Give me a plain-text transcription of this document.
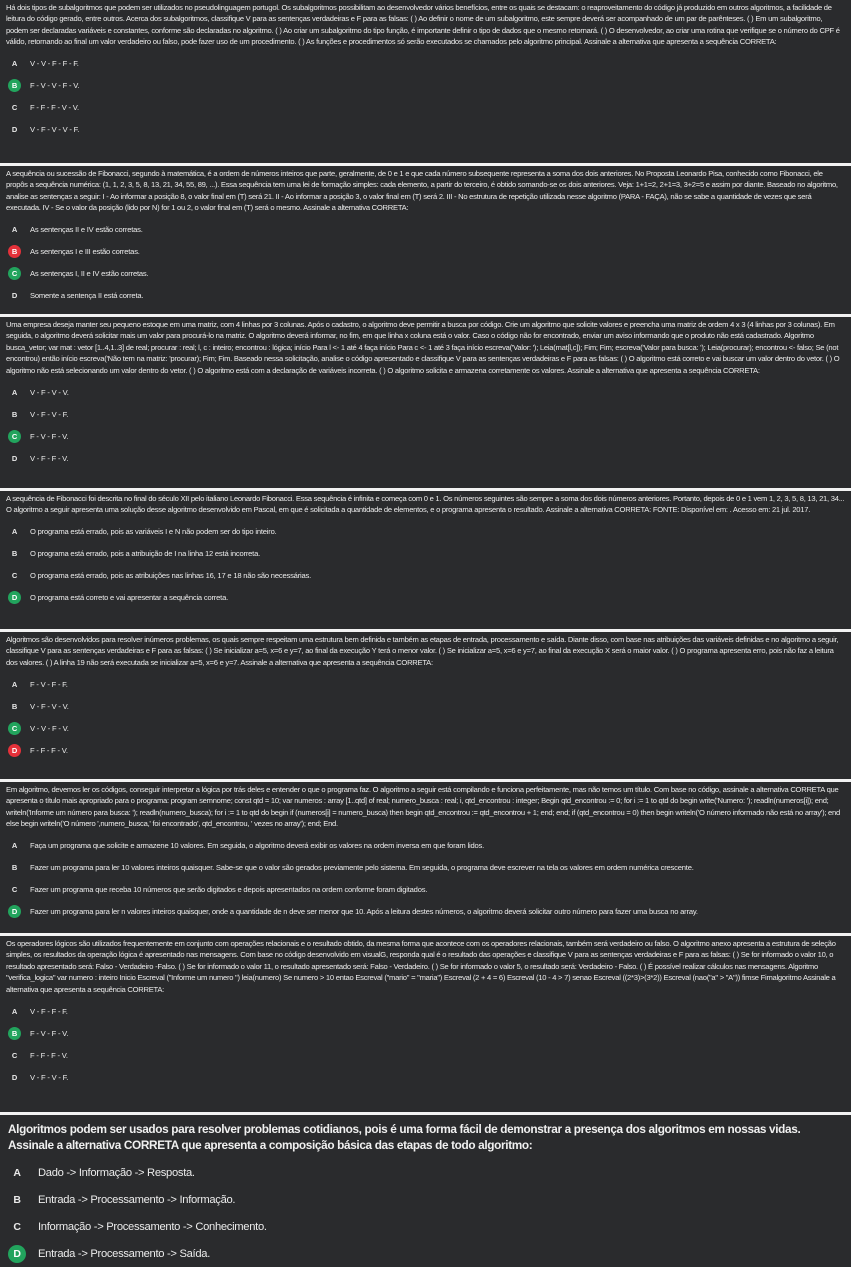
Há dois tipos de subalgoritmos que podem ser utilizados no pseudolinguagem portugol. Os subalgoritmos possibilitam ao desenvolvedor vários benefícios, entre os quais se destacam: o reaproveitamento do código já produzido em outros algoritmos, a facilidade de leitura do código gerado, entre outros. Acerca dos subalgoritmos, classifique V para as sentenças verdadeiras e F para as falsas: ( ) Ao definir o nome de um subalgoritmo, este sempre deverá ser acompanhado de um par de parênteses. ( ) Em um subalgoritmo, podem ser declaradas variáveis e constantes, conforme são declaradas no algoritmo. ( ) Ao criar um subalgoritmo do tipo função, é importante definir o tipo de dados que o mesmo retornará. ( ) O desenvolvedor, ao criar uma rotina que verifique se o número do CPF é válido, retornando ao final um valor verdadeiro ou falso, pode fazer uso de um procedimento. ( ) As funções e procedimentos só serão executados se chamados pelo algoritmo principal. Assinale a alternativa que apresenta a sequência CORRETA:

A	V - V - F - F - F.
B	F - V - V - F - V.
C	F - F - F - V - V.
D	V - F - V - V - F.

A sequência ou sucessão de Fibonacci, segundo à matemática, é a ordem de números inteiros que parte, geralmente, de 0 e 1 e que cada número subsequente representa a soma dos dois anteriores. No Proposta Leonardo Pisa, conhecido como Fibonacci, ele propôs a sequência numérica: (1, 1, 2, 3, 5, 8, 13, 21, 34, 55, 89, ...). Essa sequência tem uma lei de formação simples: cada elemento, a partir do terceiro, é obtido somando-se os dois anteriores. Veja: 1+1=2, 2+1=3, 3+2=5 e assim por diante. Baseado no algoritmo, analise as sentenças a seguir: I - Ao informar a posição 8, o valor final em (T) será 21. II - Ao informar a posição 3, o valor final em (T) será 2. III - No estrutura de repetição utilizada nesse algoritmo (PARA - FAÇA), não se sabe a quantidade de vezes que será executada. IV - Se o valor da posição (lido por N) for 1 ou 2, o valor final em (T) será o mesmo. Assinale a alternativa CORRETA:

A	As sentenças II e IV estão corretas.
B	As sentenças I e III estão corretas.
C	As sentenças I, II e IV estão corretas.
D	Somente a sentença II está correta.

Uma empresa deseja manter seu pequeno estoque em uma matriz, com 4 linhas por 3 colunas. Após o cadastro, o algoritmo deve permitir a busca por código. Crie um algoritmo que solicite valores e preencha uma matriz de ordem 4 x 3 (4 linhas por 3 colunas). Em seguida, o algoritmo deverá solicitar mais um valor para procurá-lo na matriz. O algoritmo deverá informar, no fim, em que linha x coluna está o valor. Caso o código não for encontrado, enviar um aviso informando que o produto não está cadastrado. Algoritmo busca_vetor; var mat : vetor [1..4,1..3] de real; procurar : real; l, c : inteiro; encontrou : lógica; início Para l <- 1 até 4 faça início Para c <- 1 até 3 faça início escreva('Valor: '); Leia(mat[l,c]); Fim; Fim; escreva('Valor para busca: '); Leia(procurar); encontrou <- falso; Se (not encontrou) então início escreva('Não tem na matriz: 'procurar); Fim; Fim. Baseado nessa solicitação, analise o código apresentado e classifique V para as sentenças verdadeiras e F para as falsas: ( ) O algoritmo está correto e vai buscar um valor dentro do vetor. ( ) O algoritmo não está selecionando um valor dentro do vetor. ( ) O algoritmo está com a declaração de variáveis incorreta. ( ) O algoritmo solicita e armazena corretamente os valores. Assinale a alternativa que apresenta a sequência CORRETA:

A	V - F - V - V.
B	V - F - V - F.
C	F - V - F - V.
D	V - F - F - V.

A sequência de Fibonacci foi descrita no final do século XII pelo italiano Leonardo Fibonacci. Essa sequência é infinita e começa com 0 e 1. Os números seguintes são sempre a soma dos dois números anteriores. Portanto, depois de 0 e 1 vem 1, 2, 3, 5, 8, 13, 21, 34... O algoritmo a seguir apresenta uma solução desse algoritmo desenvolvido em Pascal, em que é solicitada a quantidade de elementos, e o programa apresenta o resultado. Assinale a alternativa CORRETA: FONTE: Disponível em: . Acesso em: 21 jul. 2017.

A	O programa está errado, pois as variáveis I e N não podem ser do tipo inteiro.
B	O programa está errado, pois a atribuição de I na linha 12 está incorreta.
C	O programa está errado, pois as atribuições nas linhas 16, 17 e 18 não são necessárias.
D	O programa está correto e vai apresentar a sequência correta.

Algoritmos são desenvolvidos para resolver inúmeros problemas, os quais sempre respeitam uma estrutura bem definida e também as etapas de entrada, processamento e saída. Diante disso, com base nas atribuições das variáveis definidas e no algoritmo a seguir, classifique V para as sentenças verdadeiras e F para as falsas: ( ) Se inicializar a=5, x=6 e y=7, ao final da execução Y terá o menor valor. ( ) Se inicializar a=5, x=6 e y=7, ao final da execução X será o maior valor. ( ) O programa apresenta erro, pois não faz a leitura dos valores. ( ) A linha 19 não será executada se inicializar a=5, x=6 e y=7. Assinale a alternativa que apresenta a sequência CORRETA:

A	F - V - F - F.
B	V - F - V - V.
C	V - V - F - V.
D	F - F - F - V.

Em algoritmo, devemos ler os códigos, conseguir interpretar a lógica por trás deles e entender o que o programa faz. O algoritmo a seguir está compilando e funciona perfeitamente, mas não temos um título. Com base no código, assinale a alternativa CORRETA que apresenta o título mais apropriado para o programa: program semnome; const qtd = 10; var numeros : array [1..qtd] of real; numero_busca : real; i, qtd_encontrou : integer; Begin qtd_encontrou := 0; for i := 1 to qtd do begin write('Numero: '); readln(numeros[i]); end; writeln('Informe um número para busca: '); readln(numero_busca); for i := 1 to qtd do begin if (numeros[i] = numero_busca) then begin qtd_encontrou := qtd_encontrou + 1; end; end; if (qtd_encontrou = 0) then begin writeln('O número informado não está no array'); end else begin writeln('O número ',numero_busca,' foi encontrado', qtd_encontrou, ' vezes no array'); end; End.

A	Faça um programa que solicite e armazene 10 valores. Em seguida, o algoritmo deverá exibir os valores na ordem inversa em que foram lidos.
B	Fazer um programa para ler 10 valores inteiros quaisquer. Sabe-se que o valor são gerados previamente pelo sistema. Em seguida, o programa deve escrever na tela os valores em ordem numérica crescente.
C	Fazer um programa que receba 10 números que serão digitados e depois apresentados na ordem conforme foram digitados.
D	Fazer um programa para ler n valores inteiros quaisquer, onde a quantidade de n deve ser menor que 10. Após a leitura destes números, o algoritmo deverá solicitar outro número para fazer uma busca no array.

Os operadores lógicos são utilizados frequentemente em conjunto com operações relacionais e o resultado obtido, da mesma forma que acontece com os operadores relacionais, também será verdadeiro ou falso. O algoritmo anexo apresenta a estrutura de seleção simples, os resultados da operação lógica é apresentado nas mensagens. Com base no código desenvolvido em visualG, responda qual é o resultado das operações e classifique V para as sentenças verdadeiras e F para as falsas: ( ) Se for informado o valor 10, o resultado apresentado será: Falso - Verdadeiro -Falso. ( ) Se for informado o valor 11, o resultado apresentado será: Falso - Verdadeiro. ( ) Se for informado o valor 5, o resultado será: Verdadeiro - Falso. ( ) É possível realizar cálculos nas mensagens. Algoritmo "verifica_logica" var numero : inteiro Inicio Escreval ("Informe um numero ") leia(numero) Se numero > 10 entao Escreval ("mario" = "maria") Escreval (2 + 4 = 6) Escreval (10 - 4 > 7) senao Escreval ((2*3)>(3*2)) Escreval (nao("a" > "A")) fimse Fimalgoritmo Assinale a alternativa que apresenta a sequência CORRETA:

A	V - F - F - F.
B	F - V - F - V.
C	F - F - F - V.
D	V - F - V - F.

Algoritmos podem ser usados para resolver problemas cotidianos, pois é uma forma fácil de demonstrar a presença dos algoritmos em nossas vidas. Assinale a alternativa CORRETA que apresenta a composição básica das etapas de todo algoritmo:

A	Dado -> Informação -> Resposta.
B	Entrada -> Processamento -> Informação.
C	Informação -> Processamento -> Conhecimento.
D	Entrada -> Processamento -> Saída.
